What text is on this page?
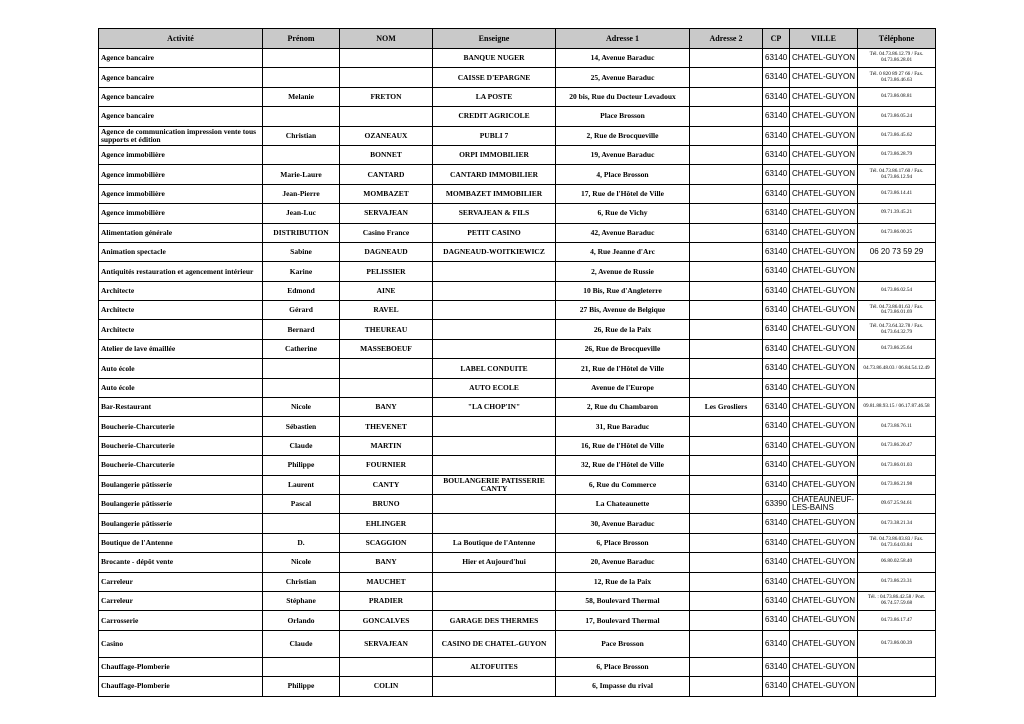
Activité	Prénom	NOM	Enseigne	Adresse 1	Adresse 2	CP	VILLE	Téléphone
Agence bancaire			BANQUE NUGER	14, Avenue Baraduc		63140	CHATEL-GUYON	Tél. 04.73.86.12.79 / Fax. 04.73.86.28.01
Agence bancaire			CAISSE D'EPARGNE	25, Avenue Baraduc		63140	CHATEL-GUYON	Tél. 0 820 89 27 66 / Fax. 04.73.86.46.63
Agence bancaire	Melanie	FRETON	LA POSTE	20 bis, Rue du Docteur Levadoux		63140	CHATEL-GUYON	04.73.86.08.81
Agence bancaire			CREDIT AGRICOLE	Place Brosson		63140	CHATEL-GUYON	04.73.86.05.24
Agence de communication impression vente tous supports et édition	Christian	OZANEAUX	PUBLI 7	2, Rue de Brocqueville		63140	CHATEL-GUYON	04.73.86.45.62
Agence immobilière		BONNET	ORPI IMMOBILIER	19, Avenue Baraduc		63140	CHATEL-GUYON	04.73.86.28.79
Agence immobilière	Marie-Laure	CANTARD	CANTARD IMMOBILIER	4, Place Brosson		63140	CHATEL-GUYON	Tél. 04.73.86.17.60 / Fax. 04.73.86.12.94
Agence immobilière	Jean-Pierre	MOMBAZET	MOMBAZET IMMOBILIER	17, Rue de l'Hôtel de Ville		63140	CHATEL-GUYON	04.73.86.14.41
Agence immobilière	Jean-Luc	SERVAJEAN	SERVAJEAN & FILS	6, Rue de Vichy		63140	CHATEL-GUYON	09.71.39.45.21
Alimentation générale	DISTRIBUTION	Casino France	PETIT CASINO	42, Avenue Baraduc		63140	CHATEL-GUYON	04.73.86.00.25
Animation spectacle	Sabine	DAGNEAUD	DAGNEAUD-WOITKIEWICZ	4, Rue Jeanne d'Arc		63140	CHATEL-GUYON	06 20 73 59 29
Antiquités restauration et agencement intérieur	Karine	PELISSIER		2, Avenue de Russie		63140	CHATEL-GUYON	
Architecte	Edmond	AINE		10 Bis, Rue d'Angleterre		63140	CHATEL-GUYON	04.73.86.02.54
Architecte	Gérard	RAVEL		27 Bis, Avenue de Belgique		63140	CHATEL-GUYON	Tél. 04.73.86.01.63 / Fax. 04.73.86.01.69
Architecte	Bernard	THEUREAU		26, Rue de la Paix		63140	CHATEL-GUYON	Tél. 04.73.64.32.78 / Fax. 04.73.64.32.79
Atelier de lave émaillée	Catherine	MASSEBOEUF		26, Rue de Brocqueville		63140	CHATEL-GUYON	04.73.86.25.64
Auto école			LABEL CONDUITE	21, Rue de l'Hôtel de Ville		63140	CHATEL-GUYON	04.73.86.48.03 / 06.84.54.12.49
Auto école			AUTO ECOLE	Avenue de l'Europe		63140	CHATEL-GUYON	
Bar-Restaurant	Nicole	BANY	"LA CHOP'IN"	2, Rue du Chambaron	Les Grosliers	63140	CHATEL-GUYON	09.81.88.93.15 / 06.17.87.46.58
Boucherie-Charcuterie	Sébastien	THEVENET		31, Rue Baraduc		63140	CHATEL-GUYON	04.73.86.76.11
Boucherie-Charcuterie	Claude	MARTIN		16, Rue de l'Hôtel de Ville		63140	CHATEL-GUYON	04.73.86.20.47
Boucherie-Charcuterie	Philippe	FOURNIER		32, Rue de l'Hôtel de Ville		63140	CHATEL-GUYON	04.73.86.01.03
Boulangerie pâtisserie	Laurent	CANTY	BOULANGERIE PATISSERIE CANTY	6, Rue du Commerce		63140	CHATEL-GUYON	04.73.86.21.98
Boulangerie pâtisserie	Pascal	BRUNO		La Chateaunette		63390	CHATEAUNEUF-LES-BAINS	09.67.25.94.61
Boulangerie pâtisserie		EHLINGER		30, Avenue Baraduc		63140	CHATEL-GUYON	04.73.38.21.34
Boutique de l'Antenne	D.	SCAGGION	La Boutique de l'Antenne	6, Place Brosson		63140	CHATEL-GUYON	Tél. 04.73.86.03.83 / Fax. 04.73.64.03.84
Brocante - dépôt vente	Nicole	BANY	Hier et Aujourd'hui	20, Avenue Baraduc		63140	CHATEL-GUYON	06.80.02.58.40
Carreleur	Christian	MAUCHET		12, Rue de la Paix		63140	CHATEL-GUYON	04.73.86.23.31
Carreleur	Stéphane	PRADIER		58, Boulevard Thermal		63140	CHATEL-GUYON	Tél. : 04.73.86.42.58 / Port. 06.74.57.59.68
Carrosserie	Orlando	GONCALVES	GARAGE DES THERMES	17, Boulevard Thermal		63140	CHATEL-GUYON	04.73.86.17.47
Casino	Claude	SERVAJEAN	CASINO DE CHATEL-GUYON	Pace Brosson		63140	CHATEL-GUYON	04.73.86.00.39
Chauffage-Plomberie			ALTOFUITES	6, Place Brosson		63140	CHATEL-GUYON	
Chauffage-Plomberie	Philippe	COLIN		6, Impasse du rival		63140	CHATEL-GUYON	
